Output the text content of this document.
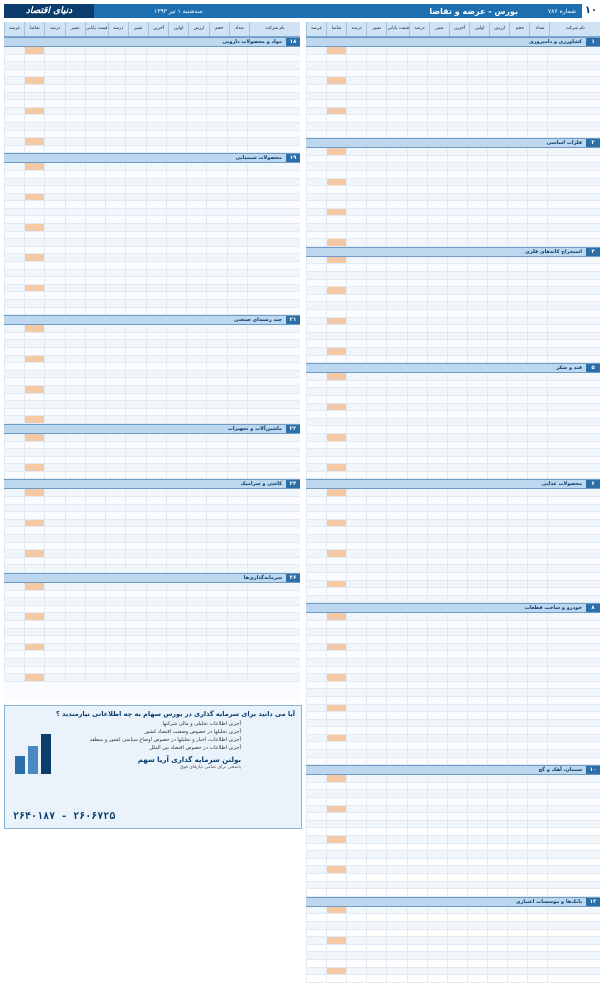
۱۰
شماره ۷۸۶
بورس - عرضه و تقاضا
سه‌شنبه ۱ تیر ۱۳۹۳
دنیای اقتصاد
نام شرکت
تعداد
حجم
ارزش
اولین
آخرین
تغییر
درصد
قیمت پایانی
تغییر
درصد
تقاضا
عرضه
۱
کشاورزی و دامپروری
۳
فلزات اساسی
۴
استخراج کانه‌های فلزی
۵
قند و شکر
۶
محصولات غذایی
۸
خودرو و ساخت قطعات
۱۰
سیمان، آهک و گچ
۱۳
بانک‌ها و موسسات اعتباری
نام شرکت
تعداد
حجم
ارزش
اولین
آخرین
تغییر
درصد
قیمت پایانی
تغییر
درصد
تقاضا
عرضه
۱۸
مواد و محصولات دارویی
۱۹
محصولات شیمیایی
۲۱
چند رشته‌ای صنعتی
۲۲
ماشین‌آلات و تجهیزات
۲۴
کاشی و سرامیک
۲۶
سرمایه‌گذاری‌ها
آیا می دانید برای سرمایه گذاری در بورس سهام به چه اطلاعاتی نیازمندید ؟
آخرین اطلاعات تحلیلی و مالی شرکتها
آخرین تحلیلها در خصوص وضعیت اقتصاد کشور
آخرین اطلاعات، اخبار و تحلیلها در خصوص اوضاع سیاسی کشور و منطقه
آخرین اطلاعات در خصوص اقتصاد بین الملل
بولتن سرمایه گذاری آریا سهم
پاسخی برای تمامی نیازهای فوق
۲۶۴۰۱۸۷ - ۲۶۰۶۷۲۵
